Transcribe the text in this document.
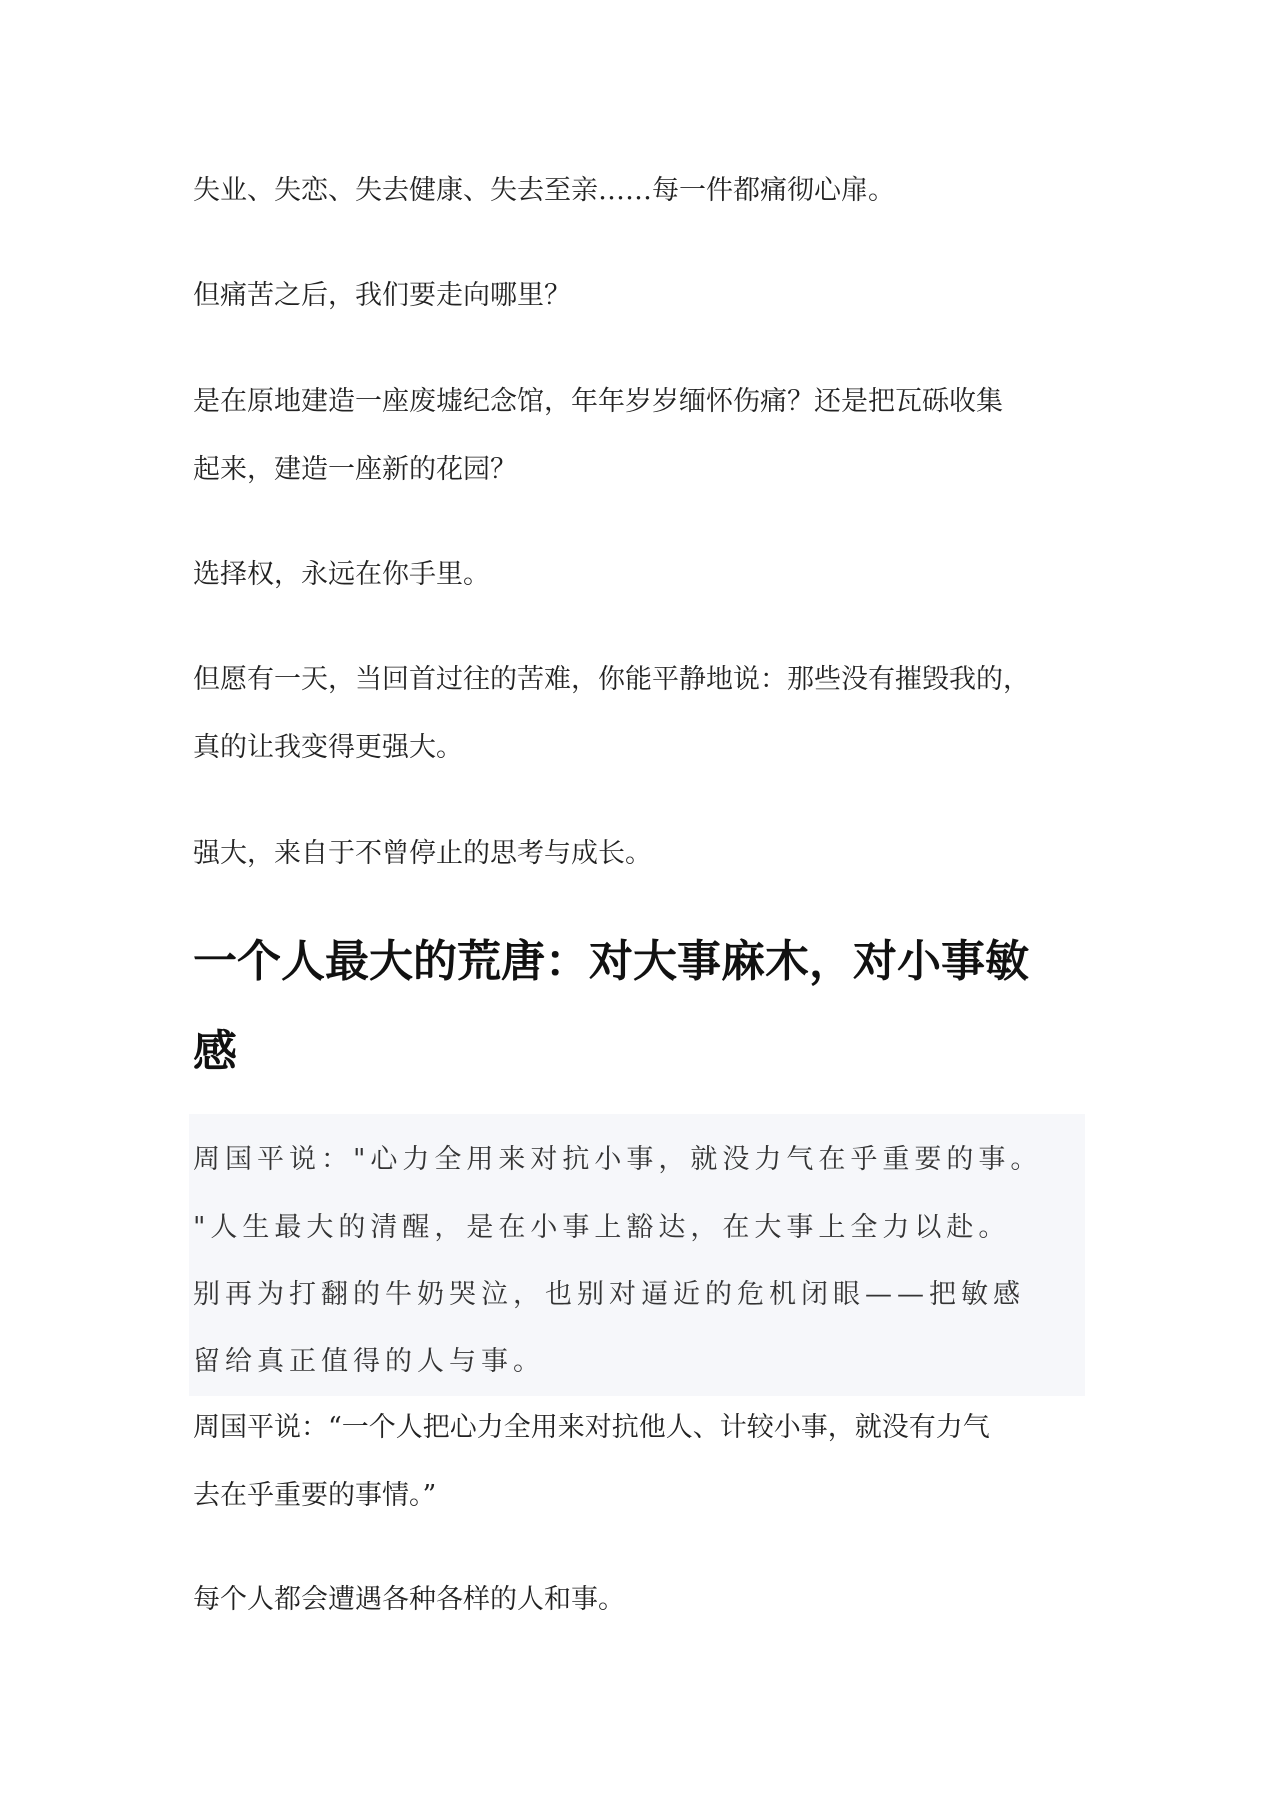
失业、失恋、失去健康、失去至亲……每一件都痛彻心扉。

但痛苦之后，我们要走向哪里？

是在原地建造一座废墟纪念馆，年年岁岁缅怀伤痛？还是把瓦砾收集
起来，建造一座新的花园？

选择权，永远在你手里。

但愿有一天，当回首过往的苦难，你能平静地说：那些没有摧毁我的，
真的让我变得更强大。

强大，来自于不曾停止的思考与成长。

一个人最大的荒唐：对大事麻木，对小事敏
感
周国平说："心力全用来对抗小事，就没力气在乎重要的事。
"人生最大的清醒，是在小事上豁达，在大事上全力以赴。
别再为打翻的牛奶哭泣，也别对逼近的危机闭眼——把敏感
留给真正值得的人与事。
周国平说：“一个人把心力全用来对抗他人、计较小事，就没有力气
去在乎重要的事情。”

每个人都会遭遇各种各样的人和事。
